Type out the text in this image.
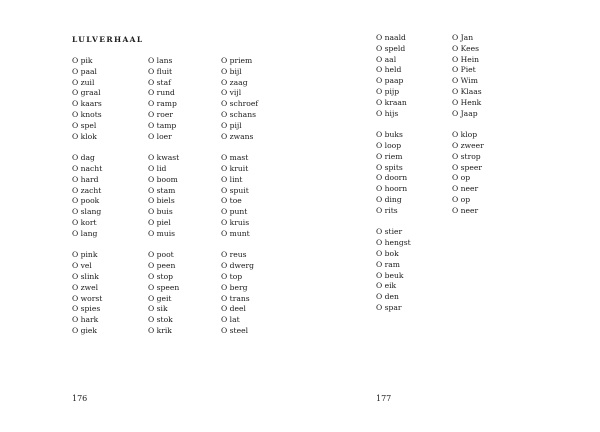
LULVERHAAL
O pik
O paal
O zuil
O graal
O kaars
O knots
O spel
O klok
O dag
O nacht
O hard
O zacht
O pook
O slang
O kort
O lang
O pink
O vel
O slink
O zwel
O worst
O spies
O hark
O giek
O lans
O fluit
O staf
O rund
O ramp
O roer
O tamp
O loer
O kwast
O lid
O boom
O stam
O biels
O buis
O piel
O muis
O poot
O peen
O stop
O speen
O geit
O sik
O stok
O krik
O priem
O bijl
O zaag
O vijl
O schroef
O schans
O pijl
O zwans
O mast
O kruit
O lint
O spuit
O toe
O punt
O kruis
O munt
O reus
O dwerg
O top
O berg
O trans
O deel
O lat
O steel
176
O naald
O speld
O aal
O held
O paap
O pijp
O kraan
O hijs
O buks
O loop
O riem
O spits
O doorn
O hoorn
O ding
O rits
O stier
O hengst
O bok
O ram
O beuk
O eik
O den
O spar
O Jan
O Kees
O Hein
O Piet
O Wim
O Klaas
O Henk
O Jaap
O klop
O zweer
O strop
O speer
O op
O neer
O op
O neer
177
